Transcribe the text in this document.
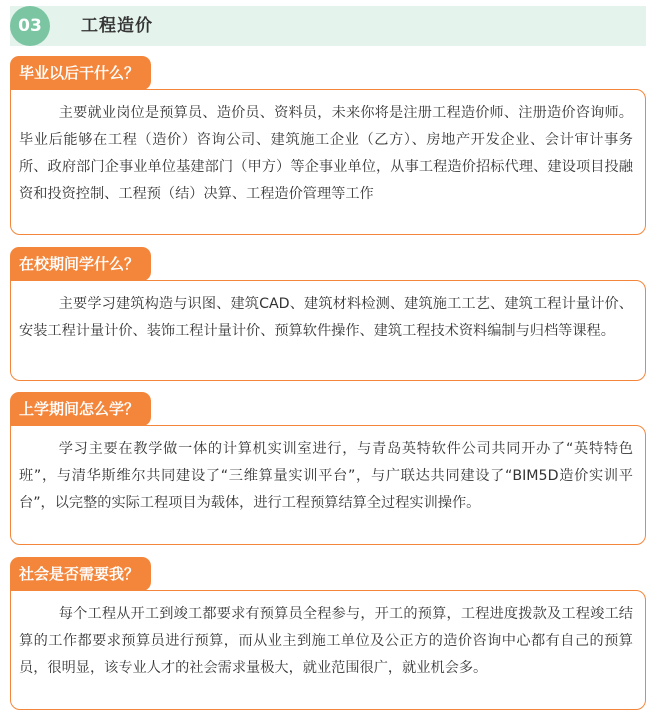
03	工程造价
毕业以后干什么？
主要就业岗位是预算员、造价员、资料员，未来你将是注册工程造价师、注册造价咨询师。毕业后能够在工程（造价）咨询公司、建筑施工企业（乙方）、房地产开发企业、会计审计事务所、政府部门企事业单位基建部门（甲方）等企事业单位，从事工程造价招标代理、建设项目投融资和投资控制、工程预（结）决算、工程造价管理等工作
在校期间学什么？
主要学习建筑构造与识图、建筑CAD、建筑材料检测、建筑施工工艺、建筑工程计量计价、安装工程计量计价、装饰工程计量计价、预算软件操作、建筑工程技术资料编制与归档等课程。
上学期间怎么学？
学习主要在教学做一体的计算机实训室进行，与青岛英特软件公司共同开办了“英特特色班”，与清华斯维尔共同建设了“三维算量实训平台”，与广联达共同建设了“BIM5D造价实训平台”，以完整的实际工程项目为载体，进行工程预算结算全过程实训操作。
社会是否需要我？
每个工程从开工到竣工都要求有预算员全程参与，开工的预算，工程进度拨款及工程竣工结算的工作都要求预算员进行预算，而从业主到施工单位及公正方的造价咨询中心都有自己的预算员，很明显，该专业人才的社会需求量极大，就业范围很广，就业机会多。
